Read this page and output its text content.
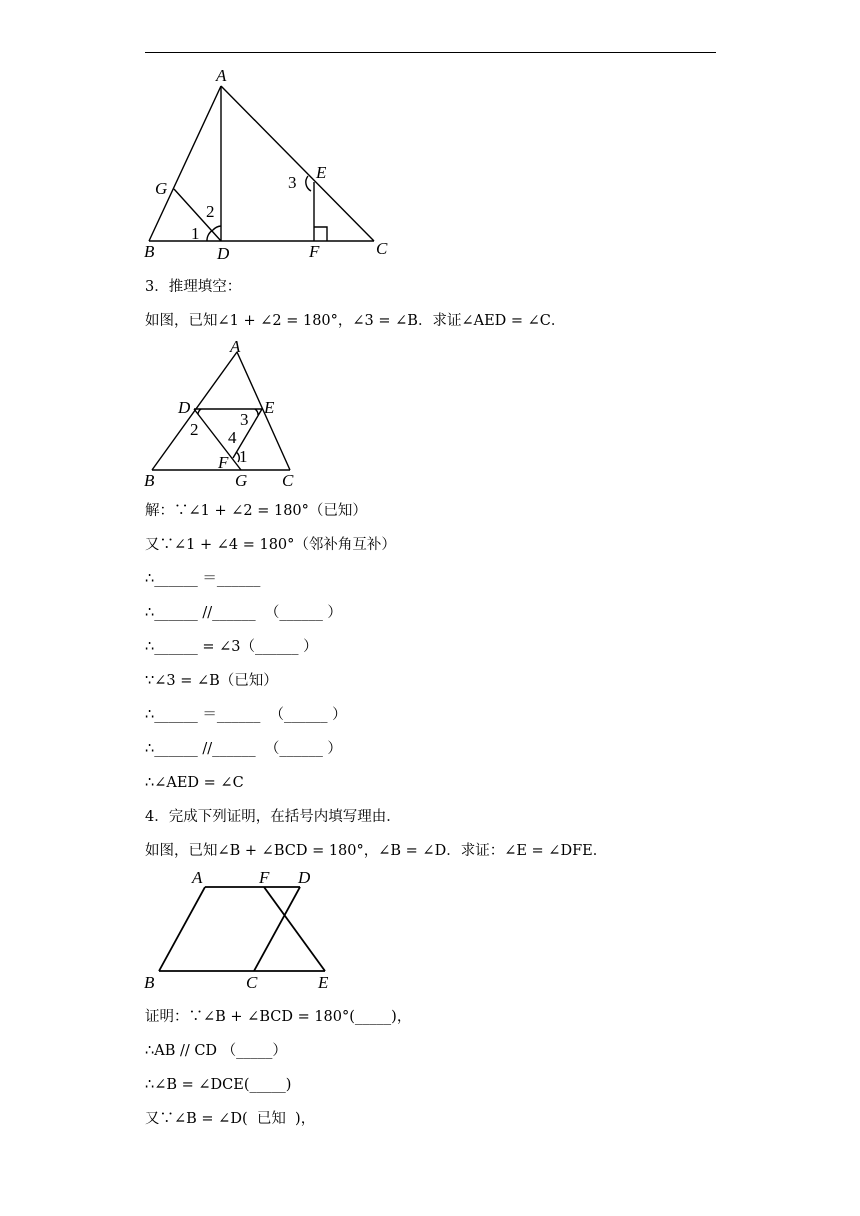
A
B	C
D
E
F
G
1
2
3
3．推理填空：
如图，已知∠1 + ∠2 = 180°，∠3 = ∠B．求证∠AED = ∠C．
A
B	C
D	E
F
G
1
2
3
4
解：∵∠1 + ∠2 = 180°（已知）
又∵∠1 + ∠4 = 180°（邻补角互补）
∴______ ＝______
∴______ //______  （______ ）
∴______ = ∠3（______ ）
∵∠3 = ∠B（已知）
∴______ ＝______  （______ ）
∴______ //______  （______ ）
∴∠AED = ∠C
4．完成下列证明，在括号内填写理由．
如图，已知∠B + ∠BCD = 180°，∠B = ∠D．求证：∠E = ∠DFE．
A	F D
B	C	E
证明：∵∠B + ∠BCD = 180°(_____)，
∴AB // CD （_____）
∴∠B = ∠DCE(_____)
又∵∠B = ∠D(  已知  )，
